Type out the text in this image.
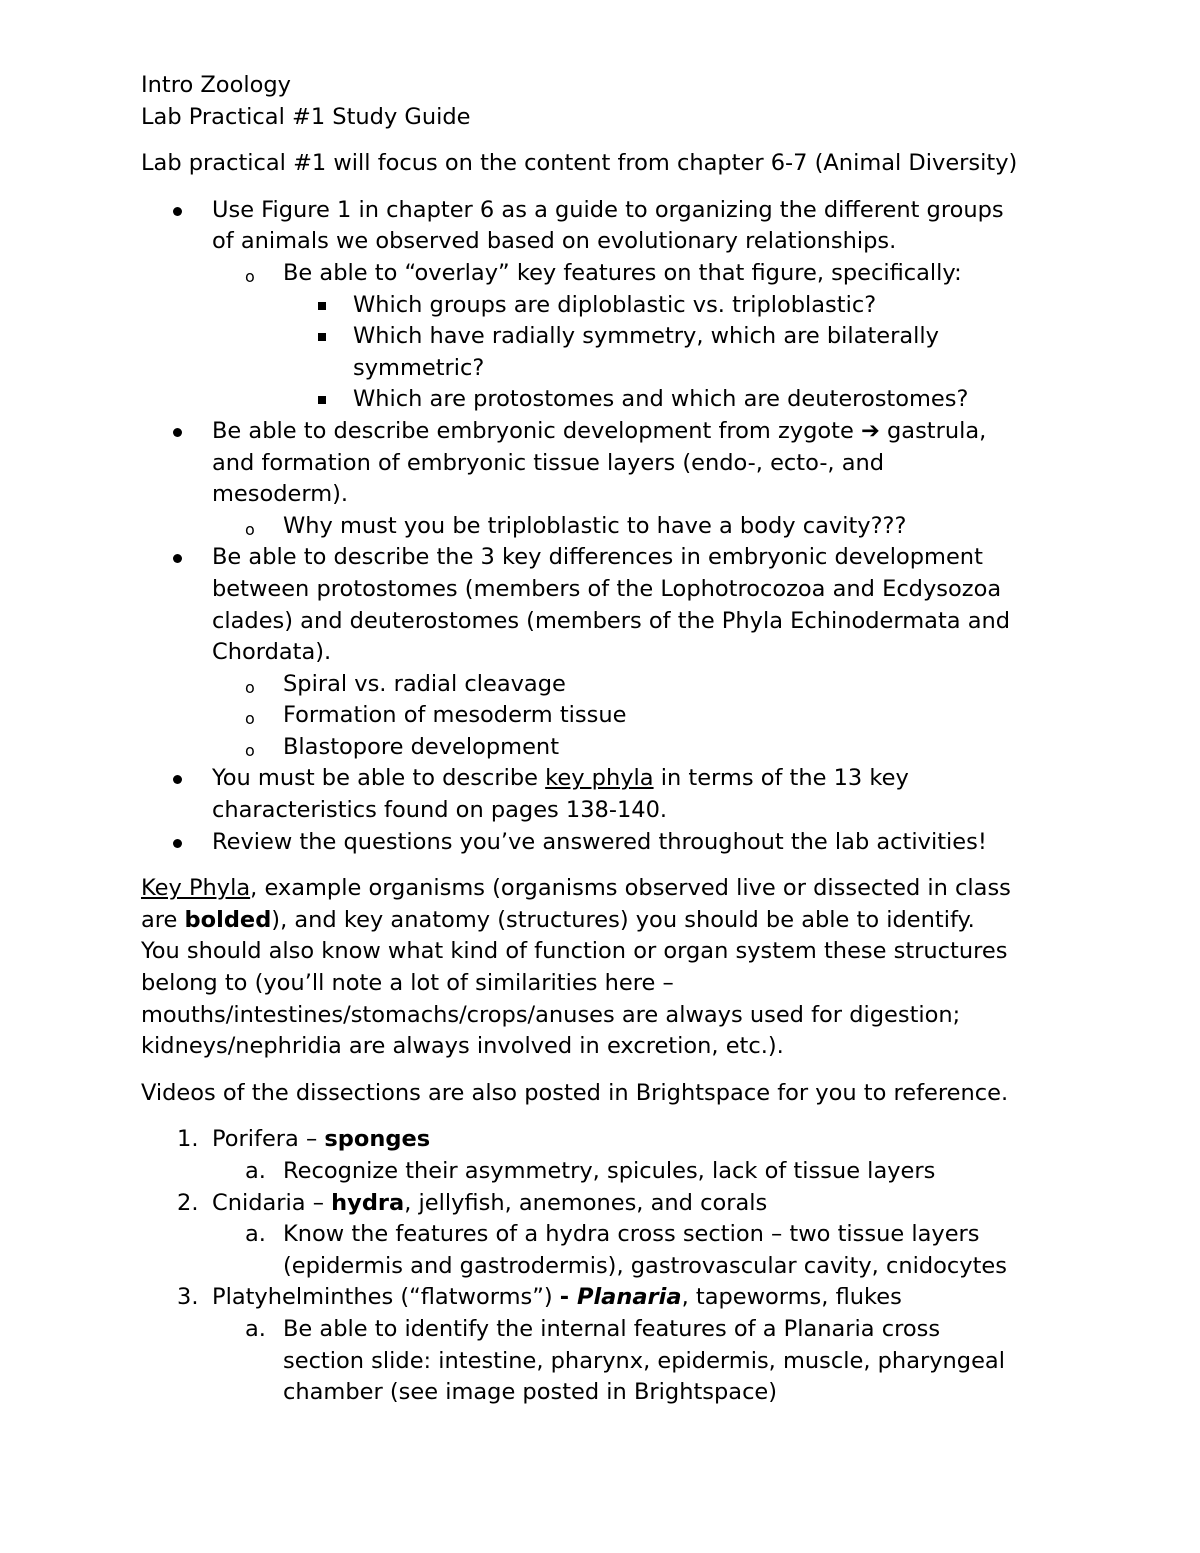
Intro Zoology
Lab Practical #1 Study Guide
Lab practical #1 will focus on the content from chapter 6-7 (Animal Diversity)
Use Figure 1 in chapter 6 as a guide to organizing the different groups
of animals we observed based on evolutionary relationships.
o Be able to “overlay” key features on that figure, specifically:
Which groups are diploblastic vs. triploblastic?
Which have radially symmetry, which are bilaterally
symmetric?
Which are protostomes and which are deuterostomes?
Be able to describe embryonic development from zygote ➔ gastrula,
and formation of embryonic tissue layers (endo-, ecto-, and
mesoderm).
o Why must you be triploblastic to have a body cavity???
Be able to describe the 3 key differences in embryonic development
between protostomes (members of the Lophotrocozoa and Ecdysozoa
clades) and deuterostomes (members of the Phyla Echinodermata and
Chordata).
o Spiral vs. radial cleavage
o Formation of mesoderm tissue
o Blastopore development
You must be able to describe key phyla in terms of the 13 key
characteristics found on pages 138-140.
Review the questions you’ve answered throughout the lab activities!
Key Phyla, example organisms (organisms observed live or dissected in class
are bolded), and key anatomy (structures) you should be able to identify.
You should also know what kind of function or organ system these structures
belong to (you’ll note a lot of similarities here –
mouths/intestines/stomachs/crops/anuses are always used for digestion;
kidneys/nephridia are always involved in excretion, etc.).
Videos of the dissections are also posted in Brightspace for you to reference.
1. Porifera – sponges
a. Recognize their asymmetry, spicules, lack of tissue layers
2. Cnidaria – hydra, jellyfish, anemones, and corals
a. Know the features of a hydra cross section – two tissue layers
(epidermis and gastrodermis), gastrovascular cavity, cnidocytes
3. Platyhelminthes (“flatworms”) - Planaria, tapeworms, flukes
a. Be able to identify the internal features of a Planaria cross
section slide: intestine, pharynx, epidermis, muscle, pharyngeal
chamber (see image posted in Brightspace)
